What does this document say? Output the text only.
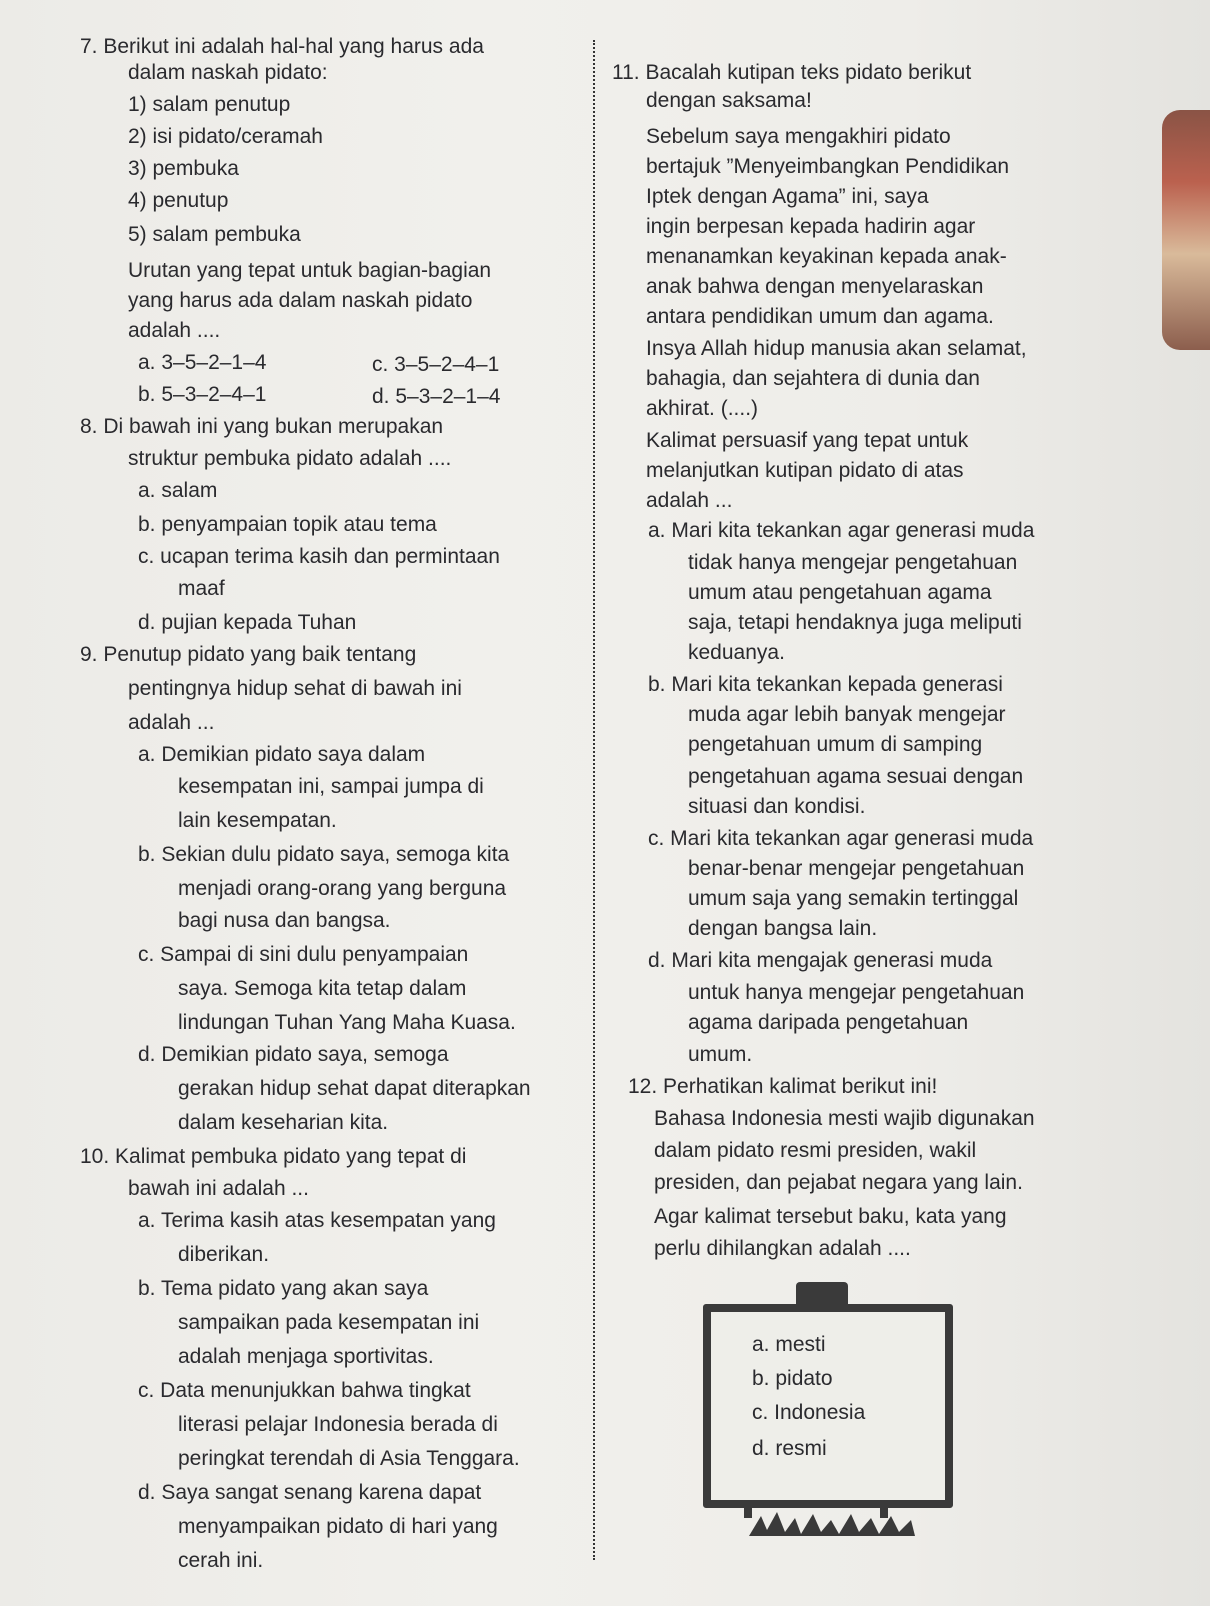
7. Berikut ini adalah hal-hal yang harus ada
dalam naskah pidato:
1) salam penutup
2) isi pidato/ceramah
3) pembuka
4) penutup
5) salam pembuka
Urutan yang tepat untuk bagian-bagian
yang harus ada dalam naskah pidato
adalah ....
a. 3–5–2–1–4	c. 3–5–2–4–1
b. 5–3–2–4–1	d. 5–3–2–1–4
8. Di bawah ini yang bukan merupakan
struktur pembuka pidato adalah ....
a. salam
b. penyampaian topik atau tema
c. ucapan terima kasih dan permintaan
maaf
d. pujian kepada Tuhan
9. Penutup pidato yang baik tentang
pentingnya hidup sehat di bawah ini
adalah ...
a. Demikian pidato saya dalam
kesempatan ini, sampai jumpa di
lain kesempatan.
b. Sekian dulu pidato saya, semoga kita
menjadi orang-orang yang berguna
bagi nusa dan bangsa.
c. Sampai di sini dulu penyampaian
saya. Semoga kita tetap dalam
lindungan Tuhan Yang Maha Kuasa.
d. Demikian pidato saya, semoga
gerakan hidup sehat dapat diterapkan
dalam keseharian kita.
10. Kalimat pembuka pidato yang tepat di
bawah ini adalah ...
a. Terima kasih atas kesempatan yang
diberikan.
b. Tema pidato yang akan saya
sampaikan pada kesempatan ini
adalah menjaga sportivitas.
c. Data menunjukkan bahwa tingkat
literasi pelajar Indonesia berada di
peringkat terendah di Asia Tenggara.
d. Saya sangat senang karena dapat
menyampaikan pidato di hari yang
cerah ini.
11. Bacalah kutipan teks pidato berikut
dengan saksama!
Sebelum saya mengakhiri pidato
bertajuk ”Menyeimbangkan Pendidikan
Iptek dengan Agama” ini, saya
ingin berpesan kepada hadirin agar
menanamkan keyakinan kepada anak-
anak bahwa dengan menyelaraskan
antara pendidikan umum dan agama.
Insya Allah hidup manusia akan selamat,
bahagia, dan sejahtera di dunia dan
akhirat. (....)
Kalimat persuasif yang tepat untuk
melanjutkan kutipan pidato di atas
adalah ...
a. Mari kita tekankan agar generasi muda
tidak hanya mengejar pengetahuan
umum atau pengetahuan agama
saja, tetapi hendaknya juga meliputi
keduanya.
b. Mari kita tekankan kepada generasi
muda agar lebih banyak mengejar
pengetahuan umum di samping
pengetahuan agama sesuai dengan
situasi dan kondisi.
c. Mari kita tekankan agar generasi muda
benar-benar mengejar pengetahuan
umum saja yang semakin tertinggal
dengan bangsa lain.
d. Mari kita mengajak generasi muda
untuk hanya mengejar pengetahuan
agama daripada pengetahuan
umum.
12. Perhatikan kalimat berikut ini!
Bahasa Indonesia mesti wajib digunakan
dalam pidato resmi presiden, wakil
presiden, dan pejabat negara yang lain.
Agar kalimat tersebut baku, kata yang
perlu dihilangkan adalah ....
a. mesti
b. pidato
c. Indonesia
d. resmi
